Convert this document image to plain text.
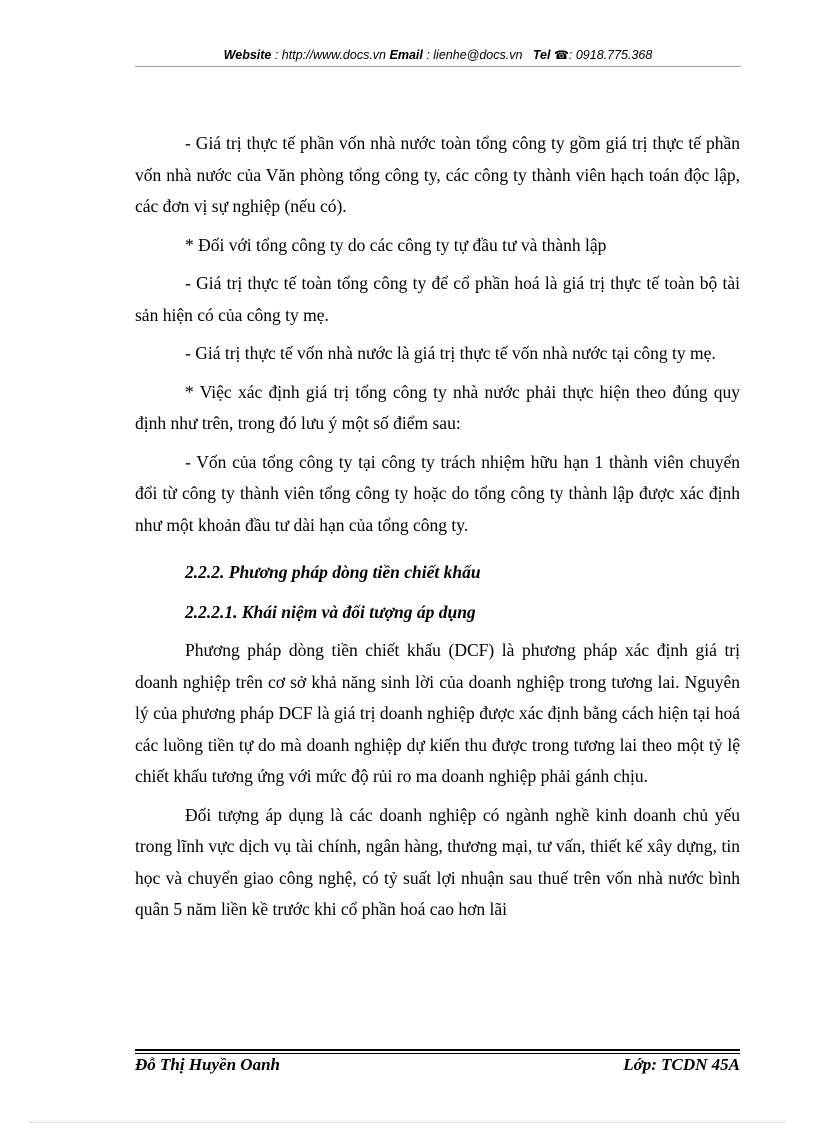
Website : http://www.docs.vn Email : lienhe@docs.vn Tel ☎: 0918.775.368

- Giá trị thực tế phần vốn nhà nước toàn tổng công ty gồm giá trị thực tế phần vốn nhà nước của Văn phòng tổng công ty, các công ty thành viên hạch toán độc lập, các đơn vị sự nghiệp (nếu có).

* Đối với tổng công ty do các công ty tự đầu tư và thành lập

- Giá trị thực tế toàn tổng công ty để cổ phần hoá là giá trị thực tế toàn bộ tài sản hiện có của công ty mẹ.

- Giá trị thực tế vốn nhà nước là giá trị thực tế vốn nhà nước tại công ty mẹ.

* Việc xác định giá trị tổng công ty nhà nước phải thực hiện theo đúng quy định như trên, trong đó lưu ý một số điểm sau:

- Vốn của tổng công ty tại công ty trách nhiệm hữu hạn 1 thành viên chuyển đổi từ công ty thành viên tổng công ty hoặc do tổng công ty thành lập được xác định như một khoản đầu tư dài hạn của tổng công ty.

2.2.2. Phương pháp dòng tiền chiết khấu

2.2.2.1. Khái niệm và đối tượng áp dụng

Phương pháp dòng tiền chiết khấu (DCF) là phương pháp xác định giá trị doanh nghiệp trên cơ sở khả năng sinh lời của doanh nghiệp trong tương lai. Nguyên lý của phương pháp DCF là giá trị doanh nghiệp được xác định bằng cách hiện tại hoá các luồng tiền tự do mà doanh nghiệp dự kiến thu được trong tương lai theo một tỷ lệ chiết khấu tương ứng với mức độ rủi ro ma doanh nghiệp phải gánh chịu.

Đối tượng áp dụng là các doanh nghiệp có ngành nghề kinh doanh chủ yếu trong lĩnh vực dịch vụ tài chính, ngân hàng, thương mại, tư vấn, thiết kế xây dựng, tin học và chuyển giao công nghệ, có tỷ suất lợi nhuận sau thuế trên vốn nhà nước bình quân 5 năm liền kề trước khi cổ phần hoá cao hơn lãi

Đỗ Thị Huyền Oanh	Lớp: TCDN 45A
